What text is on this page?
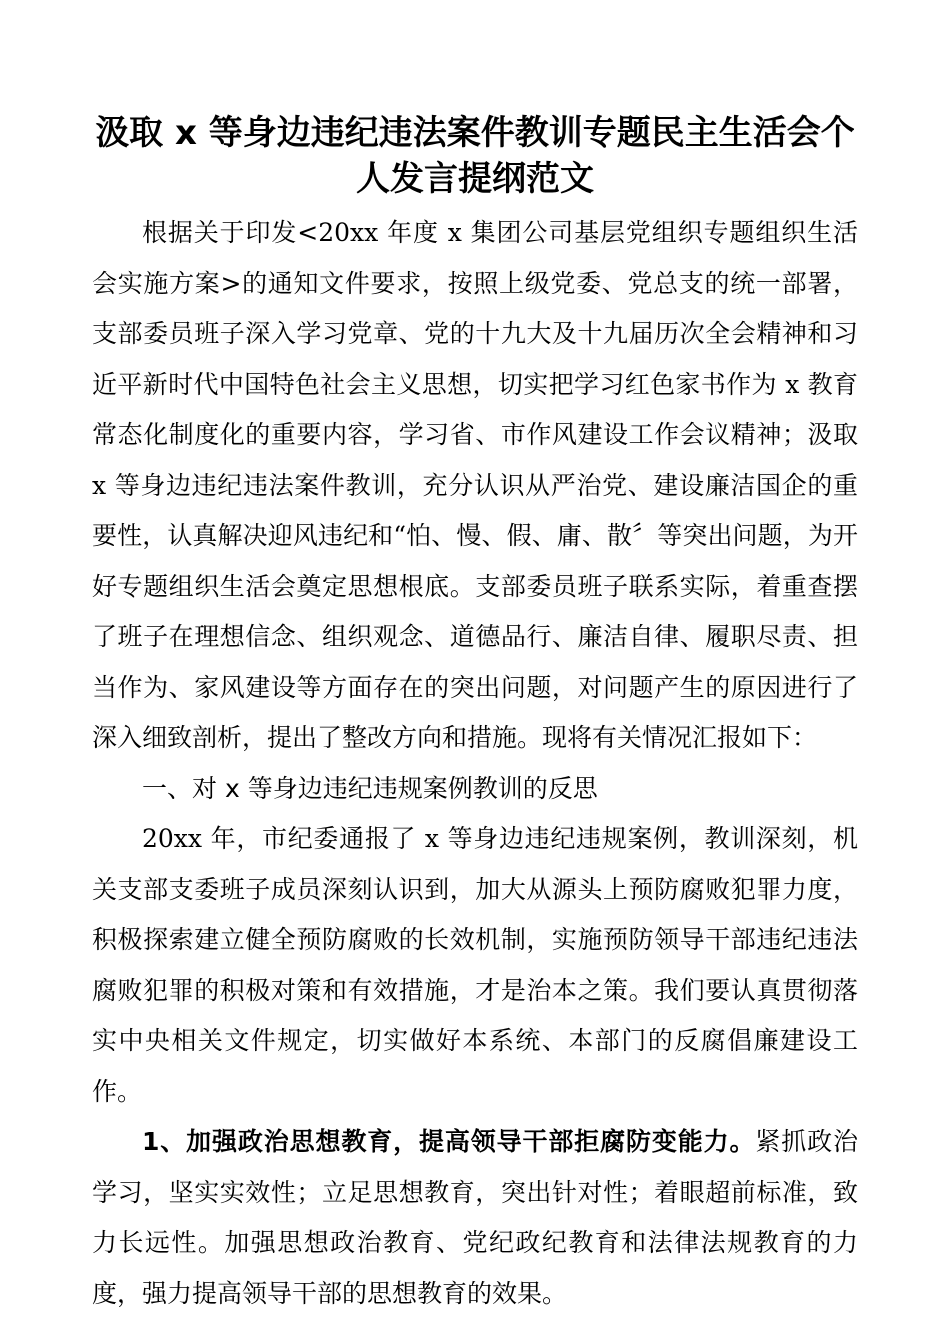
汲取 x 等身边违纪违法案件教训专题民主生活会个人发言提纲范文

根据关于印发<20xx 年度 x 集团公司基层党组织专题组织生活会实施方案>的通知文件要求，按照上级党委、党总支的统一部署，支部委员班子深入学习党章、党的十九大及十九届历次全会精神和习近平新时代中国特色社会主义思想，切实把学习红色家书作为 x 教育常态化制度化的重要内容，学习省、市作风建设工作会议精神；汲取 x 等身边违纪违法案件教训，充分认识从严治党、建设廉洁国企的重要性，认真解决迎风违纪和“怕、慢、假、庸、散〞等突出问题，为开好专题组织生活会奠定思想根底。支部委员班子联系实际，着重查摆了班子在理想信念、组织观念、道德品行、廉洁自律、履职尽责、担当作为、家风建设等方面存在的突出问题，对问题产生的原因进行了深入细致剖析，提出了整改方向和措施。现将有关情况汇报如下：

一、对 x 等身边违纪违规案例教训的反思

20xx 年，市纪委通报了 x 等身边违纪违规案例，教训深刻，机关支部支委班子成员深刻认识到，加大从源头上预防腐败犯罪力度，积极探索建立健全预防腐败的长效机制，实施预防领导干部违纪违法腐败犯罪的积极对策和有效措施，才是治本之策。我们要认真贯彻落实中央相关文件规定，切实做好本系统、本部门的反腐倡廉建设工作。

1、加强政治思想教育，提高领导干部拒腐防变能力。紧抓政治学习，坚实实效性；立足思想教育，突出针对性；着眼超前标准，致力长远性。加强思想政治教育、党纪政纪教育和法律法规教育的力度，强力提高领导干部的思想教育的效果。
